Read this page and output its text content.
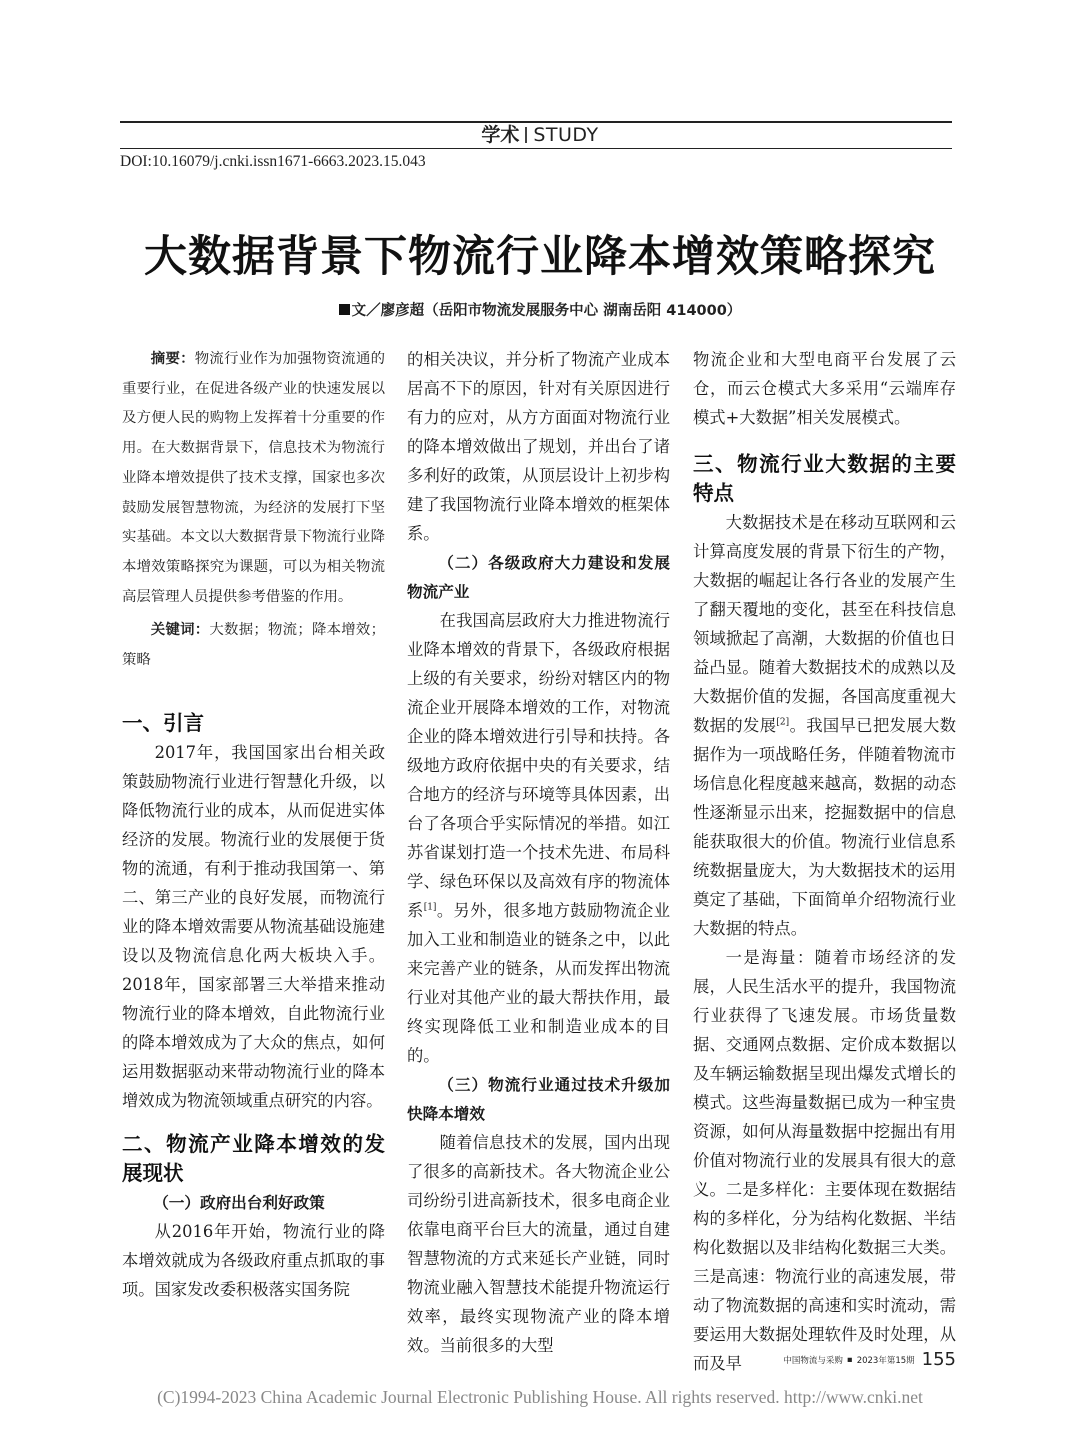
学术 STUDY
DOI:10.16079/j.cnki.issn1671-6663.2023.15.043
大数据背景下物流行业降本增效策略探究
文／廖彦超（岳阳市物流发展服务中心 湖南岳阳 414000）

摘要：物流行业作为加强物资流通的重要行业，在促进各级产业的快速发展以及方便人民的购物上发挥着十分重要的作用。在大数据背景下，信息技术为物流行业降本增效提供了技术支撑，国家也多次鼓励发展智慧物流，为经济的发展打下坚实基础。本文以大数据背景下物流行业降本增效策略探究为课题，可以为相关物流高层管理人员提供参考借鉴的作用。

关键词：大数据；物流；降本增效；策略

一、引言

2017年，我国国家出台相关政策鼓励物流行业进行智慧化升级，以降低物流行业的成本，从而促进实体经济的发展。物流行业的发展便于货物的流通，有利于推动我国第一、第二、第三产业的良好发展，而物流行业的降本增效需要从物流基础设施建设以及物流信息化两大板块入手。2018年，国家部署三大举措来推动物流行业的降本增效，自此物流行业的降本增效成为了大众的焦点，如何运用数据驱动来带动物流行业的降本增效成为物流领域重点研究的内容。

二、物流产业降本增效的发展现状
（一）政府出台利好政策

从2016年开始，物流行业的降本增效就成为各级政府重点抓取的事项。国家发改委积极落实国务院

的相关决议，并分析了物流产业成本居高不下的原因，针对有关原因进行有力的应对，从方方面面对物流行业的降本增效做出了规划，并出台了诸多利好的政策，从顶层设计上初步构建了我国物流行业降本增效的框架体系。

（二）各级政府大力建设和发展物流产业

在我国高层政府大力推进物流行业降本增效的背景下，各级政府根据上级的有关要求，纷纷对辖区内的物流企业开展降本增效的工作，对物流企业的降本增效进行引导和扶持。各级地方政府依据中央的有关要求，结合地方的经济与环境等具体因素，出台了各项合乎实际情况的举措。如江苏省谋划打造一个技术先进、布局科学、绿色环保以及高效有序的物流体系[1]。另外，很多地方鼓励物流企业加入工业和制造业的链条之中，以此来完善产业的链条，从而发挥出物流行业对其他产业的最大帮扶作用，最终实现降低工业和制造业成本的目的。

（三）物流行业通过技术升级加快降本增效

随着信息技术的发展，国内出现了很多的高新技术。各大物流企业公司纷纷引进高新技术，很多电商企业依靠电商平台巨大的流量，通过自建智慧物流的方式来延长产业链，同时物流业融入智慧技术能提升物流运行效率，最终实现物流产业的降本增效。当前很多的大型

物流企业和大型电商平台发展了云仓，而云仓模式大多采用“云端库存模式+大数据”相关发展模式。

三、物流行业大数据的主要特点

大数据技术是在移动互联网和云计算高度发展的背景下衍生的产物，大数据的崛起让各行各业的发展产生了翻天覆地的变化，甚至在科技信息领域掀起了高潮，大数据的价值也日益凸显。随着大数据技术的成熟以及大数据价值的发掘，各国高度重视大数据的发展[2]。我国早已把发展大数据作为一项战略任务，伴随着物流市场信息化程度越来越高，数据的动态性逐渐显示出来，挖掘数据中的信息能获取很大的价值。物流行业信息系统数据量庞大，为大数据技术的运用奠定了基础，下面简单介绍物流行业大数据的特点。

一是海量：随着市场经济的发展，人民生活水平的提升，我国物流行业获得了飞速发展。市场货量数据、交通网点数据、定价成本数据以及车辆运输数据呈现出爆发式增长的模式。这些海量数据已成为一种宝贵资源，如何从海量数据中挖掘出有用价值对物流行业的发展具有很大的意义。二是多样化：主要体现在数据结构的多样化，分为结构化数据、半结构化数据以及非结构化数据三大类。三是高速：物流行业的高速发展，带动了物流数据的高速和实时流动，需要运用大数据处理软件及时处理，从而及早	中国物流与采购 ▪ 2023年第15期 155
(C)1994-2023 China Academic Journal Electronic Publishing House. All rights reserved. http://www.cnki.net
